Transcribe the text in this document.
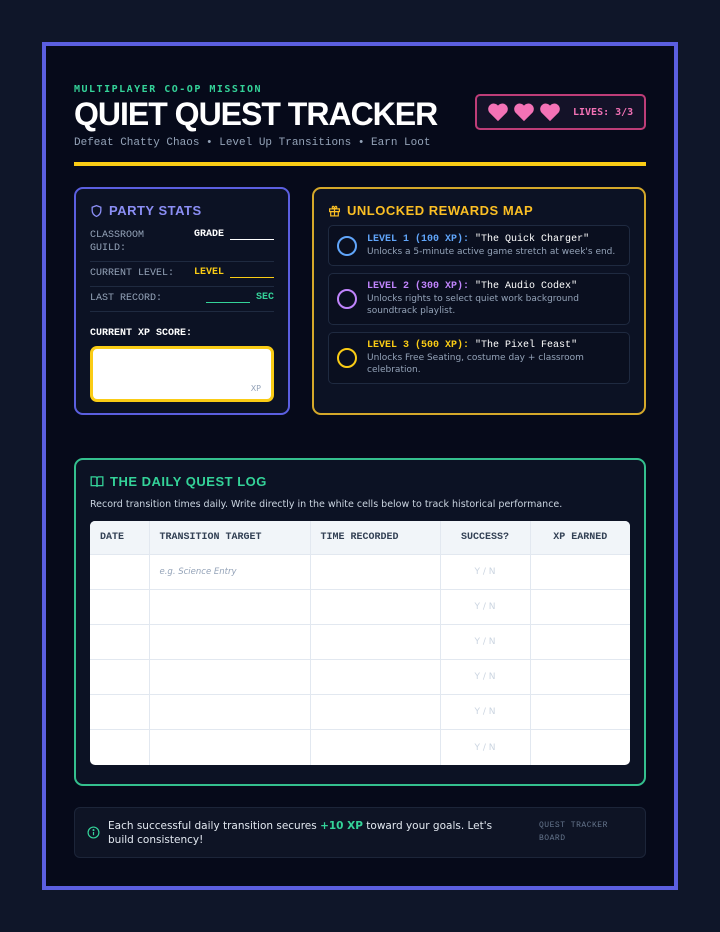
MULTIPLAYER CO-OP MISSION
QUIET QUEST TRACKER
Defeat Chatty Chaos • Level Up Transitions • Earn Loot
LIVES: 3/3
PARTY STATS
CLASSROOM GUILD:
GRADE
CURRENT LEVEL: LEVEL
LAST RECORD:	SEC
CURRENT XP SCORE:
XP
UNLOCKED REWARDS MAP
LEVEL 1 (100 XP): "The Quick Charger"
Unlocks a 5-minute active game stretch at week's end.
LEVEL 2 (300 XP): "The Audio Codex"
Unlocks rights to select quiet work background soundtrack playlist.
LEVEL 3 (500 XP): "The Pixel Feast"
Unlocks Free Seating, costume day + classroom celebration.
THE DAILY QUEST LOG
Record transition times daily. Write directly in the white cells below to track historical performance.
DATE	TRANSITION TARGET	TIME RECORDED	SUCCESS?	XP EARNED
	e.g. Science Entry		Y / N	
			Y / N	
			Y / N	
			Y / N	
			Y / N	
			Y / N	
Each successful daily transition secures +10 XP toward your goals. Let's build consistency!
QUEST TRACKER BOARD
